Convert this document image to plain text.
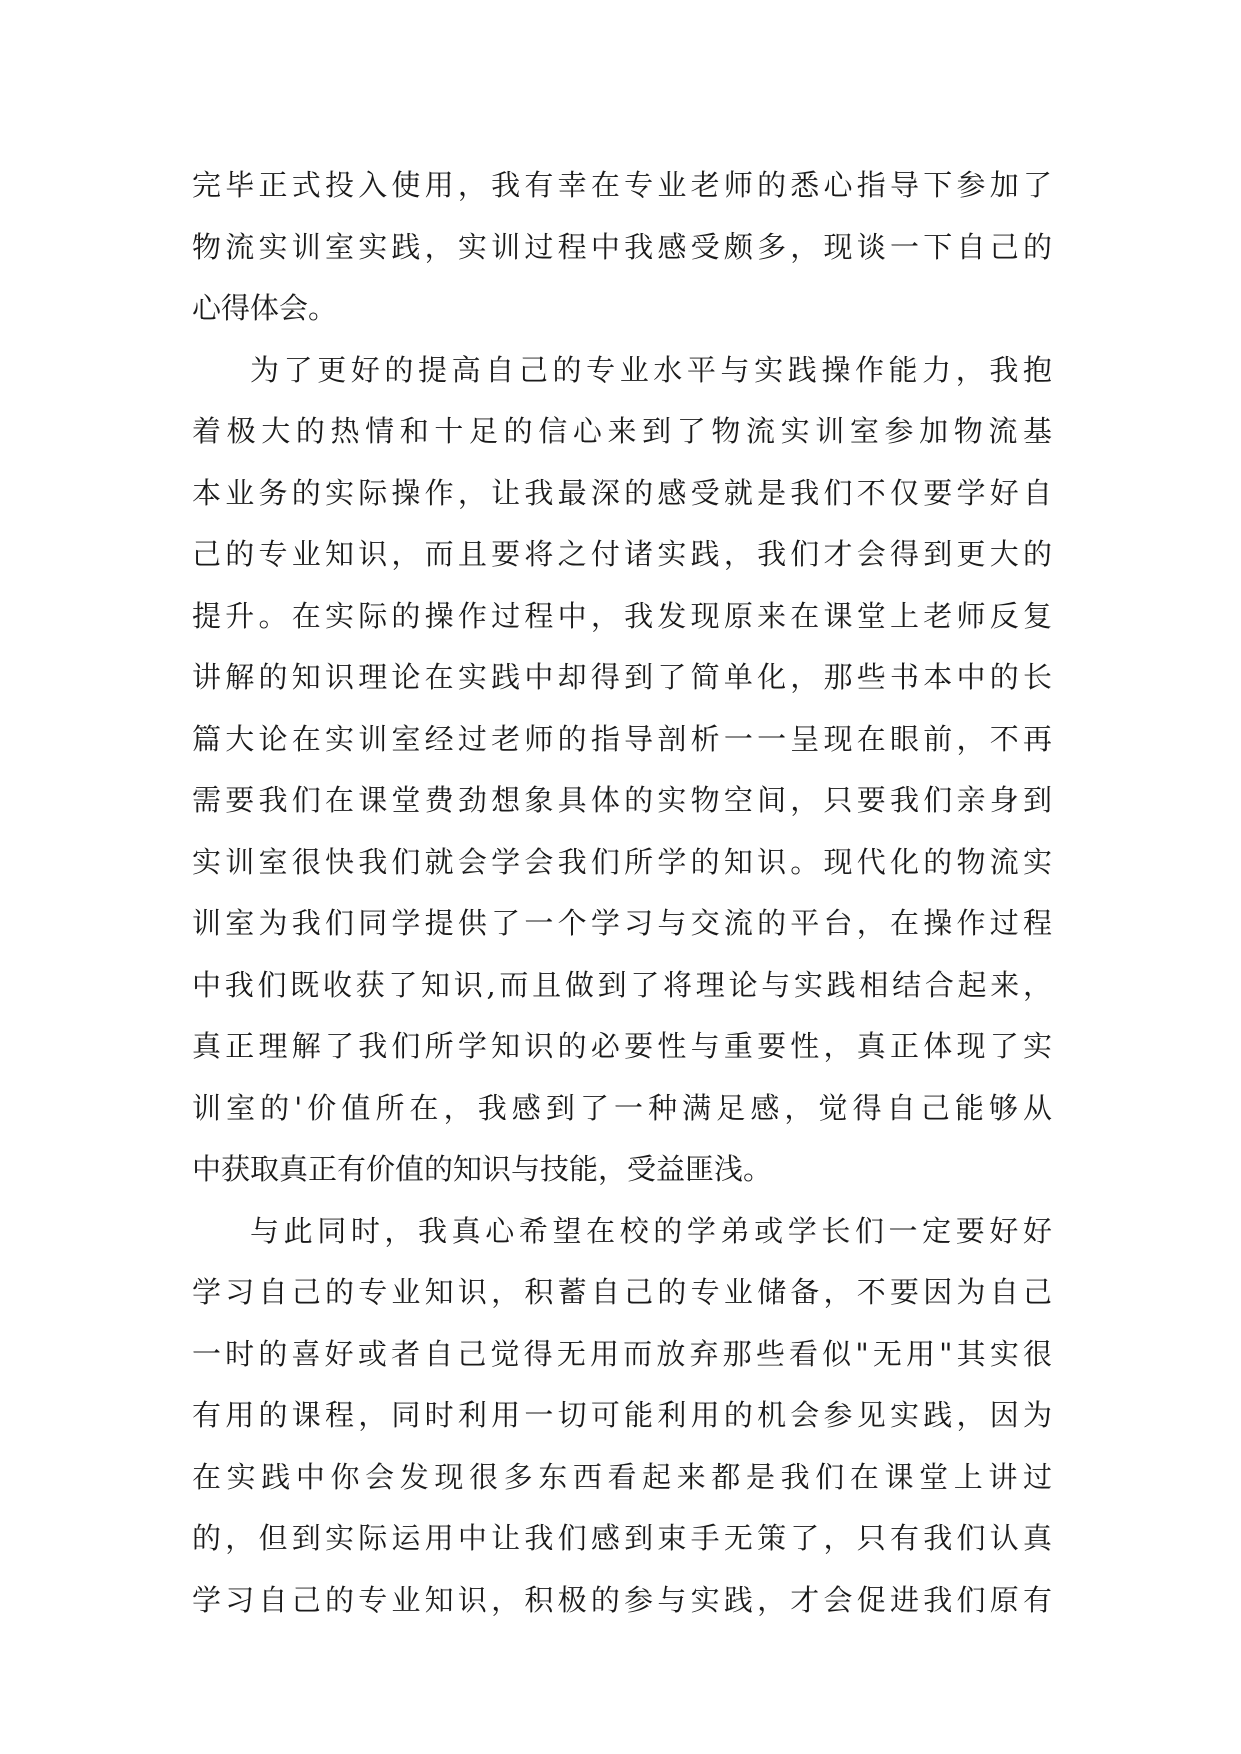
完毕正式投入使用，我有幸在专业老师的悉心指导下参加了
物流实训室实践，实训过程中我感受颇多，现谈一下自己的
心得体会。
为了更好的提高自己的专业水平与实践操作能力，我抱
着极大的热情和十足的信心来到了物流实训室参加物流基
本业务的实际操作，让我最深的感受就是我们不仅要学好自
己的专业知识，而且要将之付诸实践，我们才会得到更大的
提升。在实际的操作过程中，我发现原来在课堂上老师反复
讲解的知识理论在实践中却得到了简单化，那些书本中的长
篇大论在实训室经过老师的指导剖析一一呈现在眼前，不再
需要我们在课堂费劲想象具体的实物空间，只要我们亲身到
实训室很快我们就会学会我们所学的知识。现代化的物流实
训室为我们同学提供了一个学习与交流的平台，在操作过程
中我们既收获了知识,而且做到了将理论与实践相结合起来，
真正理解了我们所学知识的必要性与重要性，真正体现了实
训室的'价值所在，我感到了一种满足感，觉得自己能够从
中获取真正有价值的知识与技能，受益匪浅。
与此同时，我真心希望在校的学弟或学长们一定要好好
学习自己的专业知识，积蓄自己的专业储备，不要因为自己
一时的喜好或者自己觉得无用而放弃那些看似"无用"其实很
有用的课程，同时利用一切可能利用的机会参见实践，因为
在实践中你会发现很多东西看起来都是我们在课堂上讲过
的，但到实际运用中让我们感到束手无策了，只有我们认真
学习自己的专业知识，积极的参与实践，才会促进我们原有
